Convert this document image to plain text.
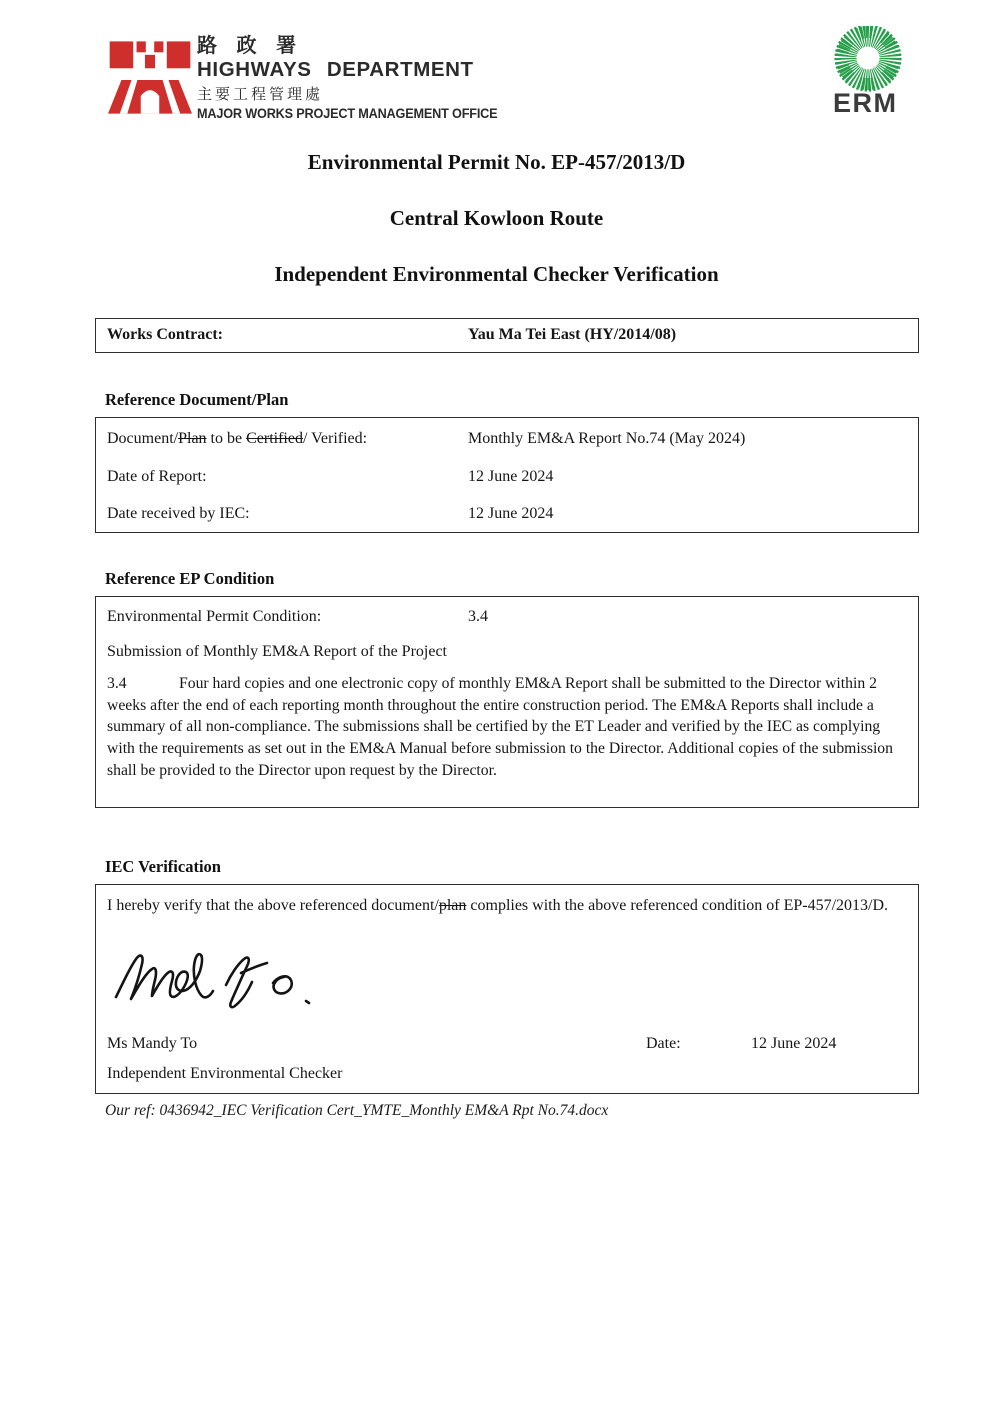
路 政 署
HIGHWAYS DEPARTMENT
主要工程管理處
MAJOR WORKS PROJECT MANAGEMENT OFFICE	ERM
Environmental Permit No. EP-457/2013/D
Central Kowloon Route
Independent Environmental Checker Verification
Works Contract:	Yau Ma Tei East (HY/2014/08)
Reference Document/Plan
Document/Plan to be Certified/ Verified:	Monthly EM&A Report No.74 (May 2024)
Date of Report:	12 June 2024
Date received by IEC:	12 June 2024
Reference EP Condition
Environmental Permit Condition:	3.4
Submission of Monthly EM&A Report of the Project

3.4	Four hard copies and one electronic copy of monthly EM&A Report shall be submitted to the Director within 2 weeks after the end of each reporting month throughout the entire construction period. The EM&A Reports shall include a summary of all non-compliance. The submissions shall be certified by the ET Leader and verified by the IEC as complying with the requirements as set out in the EM&A Manual before submission to the Director. Additional copies of the submission shall be provided to the Director upon request by the Director.

IEC Verification
I hereby verify that the above referenced document/plan complies with the above referenced condition of EP-457/2013/D.
Ms Mandy To	Date:	12 June 2024
Independent Environmental Checker
Our ref: 0436942_IEC Verification Cert_YMTE_Monthly EM&A Rpt No.74.docx
